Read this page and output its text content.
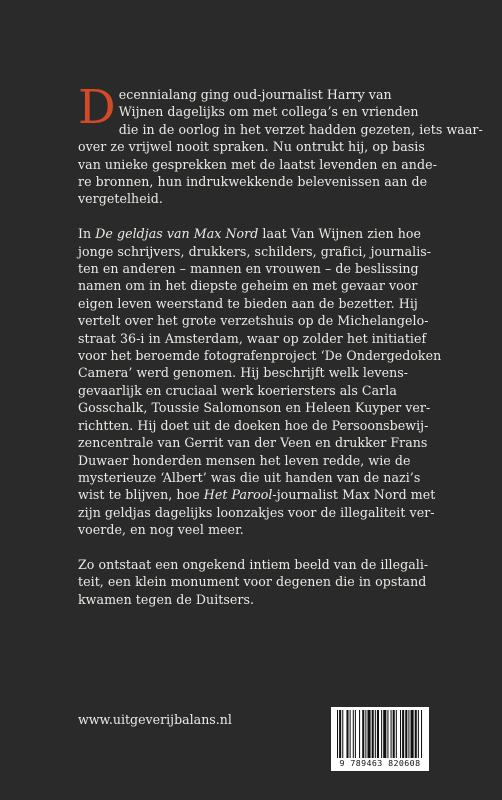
D ecennialang ging oud-journalist Harry van
Wijnen dagelijks om met collega’s en vrienden
die in de oorlog in het verzet hadden gezeten, iets waar-
over ze vrijwel nooit spraken. Nu ontrukt hij, op basis
van unieke gesprekken met de laatst levenden en ande-
re bronnen, hun indrukwekkende belevenissen aan de
vergetelheid.

In De geldjas van Max Nord laat Van Wijnen zien hoe
jonge schrijvers, drukkers, schilders, grafici, journalis-
ten en anderen – mannen en vrouwen – de beslissing
namen om in het diepste geheim en met gevaar voor
eigen leven weerstand te bieden aan de bezetter. Hij
vertelt over het grote verzetshuis op de Michelangelo-
straat 36-i in Amsterdam, waar op zolder het initiatief
voor het beroemde fotografenproject ‘De Ondergedoken
Camera’ werd genomen. Hij beschrijft welk levens-
gevaarlijk en cruciaal werk koeriersters als Carla
Gosschalk, Toussie Salomonson en Heleen Kuyper ver-
richtten. Hij doet uit de doeken hoe de Persoonsbewij-
zencentrale van Gerrit van der Veen en drukker Frans
Duwaer honderden mensen het leven redde, wie de
mysterieuze ‘Albert’ was die uit handen van de nazi’s
wist te blijven, hoe Het Parool-journalist Max Nord met
zijn geldjas dagelijks loonzakjes voor de illegaliteit ver-
voerde, en nog veel meer.

Zo ontstaat een ongekend intiem beeld van de illegali-
teit, een klein monument voor degenen die in opstand
kwamen tegen de Duitsers.

www.uitgeverijbalans.nl
9 789463 820608
